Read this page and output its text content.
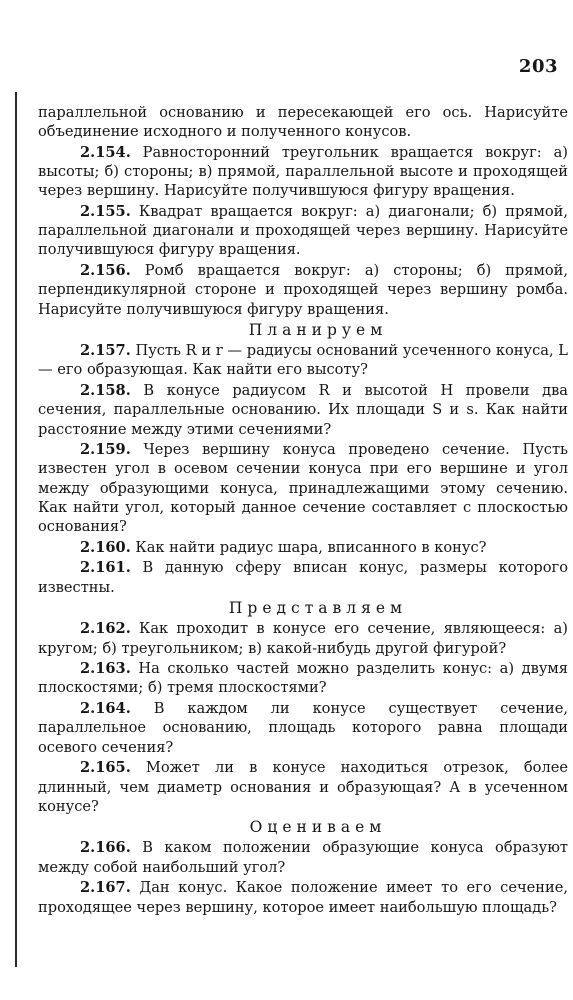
203

параллельной основанию и пересекающей его ось. Нарисуйте объединение исходного и полученного конусов.

2.154. Равносторонний треугольник вращается вокруг: а) высоты; б) стороны; в) прямой, параллельной высоте и проходящей через вершину. Нарисуйте получившуюся фигуру вращения.

2.155. Квадрат вращается вокруг: а) диагонали; б) прямой, параллельной диагонали и проходящей через вершину. Нарисуйте получившуюся фигуру вращения.

2.156. Ромб вращается вокруг: а) стороны; б) прямой, перпендикулярной стороне и проходящей через вершину ромба. Нарисуйте получившуюся фигуру вращения.

Планируем

2.157. Пусть R и r — радиусы оснований усеченного конуса, L — его образующая. Как найти его высоту?

2.158. В конусе радиусом R и высотой H провели два сечения, параллельные основанию. Их площади S и s. Как найти расстояние между этими сечениями?

2.159. Через вершину конуса проведено сечение. Пусть известен угол в осевом сечении конуса при его вершине и угол между образующими конуса, принадлежащими этому сечению. Как найти угол, который данное сечение составляет с плоскостью основания?

2.160. Как найти радиус шара, вписанного в конус?

2.161. В данную сферу вписан конус, размеры которого известны.

Представляем

2.162. Как проходит в конусе его сечение, являющееся: а) кругом; б) треугольником; в) какой-нибудь другой фигурой?

2.163. На сколько частей можно разделить конус: а) двумя плоскостями; б) тремя плоскостями?

2.164. В каждом ли конусе существует сечение, параллельное основанию, площадь которого равна площади осевого сечения?

2.165. Может ли в конусе находиться отрезок, более длинный, чем диаметр основания и образующая? А в усеченном конусе?

Оцениваем

2.166. В каком положении образующие конуса образуют между собой наибольший угол?

2.167. Дан конус. Какое положение имеет то его сечение, проходящее через вершину, которое имеет наибольшую площадь?
